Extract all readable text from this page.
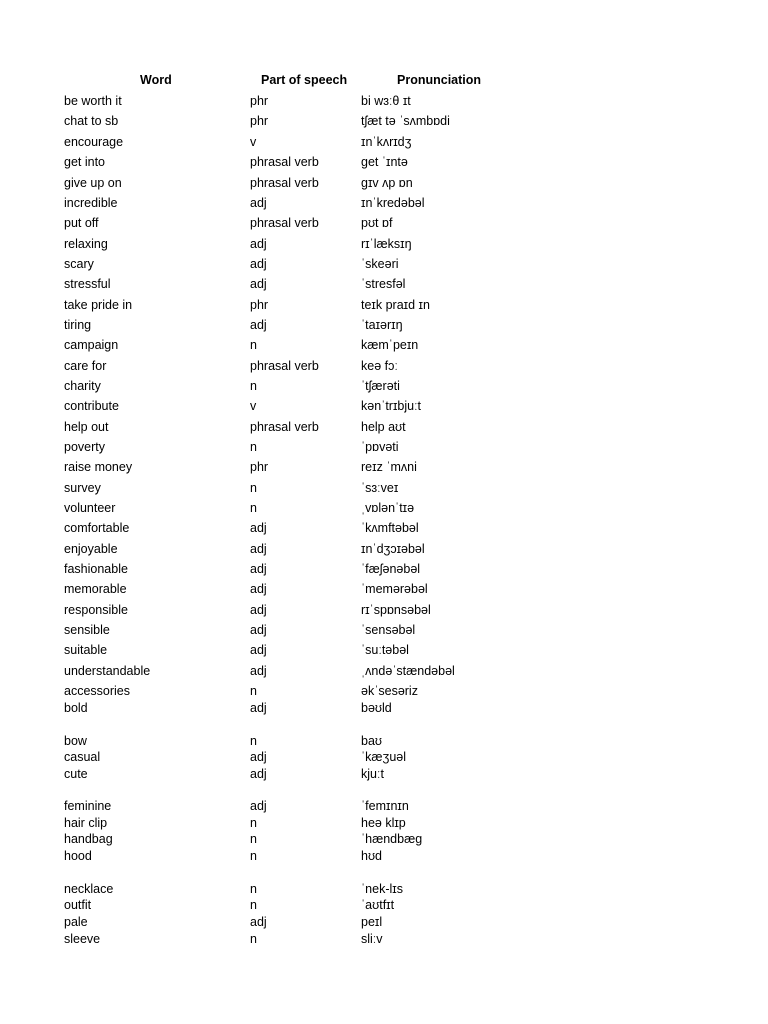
Word	Part of speech	Pronunciation
be worth it	phr	bi wɜːθ ɪt
chat to sb	phr	tʃæt tə ˈsʌmbɒdi
encourage	v	ɪnˈkʌrɪdʒ
get into	phrasal verb	get ˈɪntə
give up on	phrasal verb	gɪv ʌp ɒn
incredible	adj	ɪnˈkredəbəl
put off	phrasal verb	pʊt ɒf
relaxing	adj	rɪˈlæksɪŋ
scary	adj	ˈskeəri
stressful	adj	ˈstresfəl
take pride in	phr	teɪk praɪd ɪn
tiring	adj	ˈtaɪərɪŋ
campaign	n	kæmˈpeɪn
care for	phrasal verb	keə fɔː
charity	n	ˈtʃærəti
contribute	v	kənˈtrɪbjuːt
help out	phrasal verb	help aʊt
poverty	n	ˈpɒvəti
raise money	phr	reɪz ˈmʌni
survey	n	ˈsɜːveɪ
volunteer	n	ˌvɒlənˈtɪə
comfortable	adj	ˈkʌmftəbəl
enjoyable	adj	ɪnˈdʒɔɪəbəl
fashionable	adj	ˈfæʃənəbəl
memorable	adj	ˈmemərəbəl
responsible	adj	rɪˈspɒnsəbəl
sensible	adj	ˈsensəbəl
suitable	adj	ˈsuːtəbəl
understandable	adj	ˌʌndəˈstændəbəl
accessories	n	əkˈsesəriz
bold	adj	bəʊld
bow	n	baʊ
casual	adj	ˈkæʒuəl
cute	adj	kjuːt
feminine	adj	ˈfemɪnɪn
hair clip	n	heə klɪp
handbag	n	ˈhændbæg
hood	n	hʊd
necklace	n	ˈnek-lɪs
outfit	n	ˈaʊtfɪt
pale	adj	peɪl
sleeve	n	sliːv
